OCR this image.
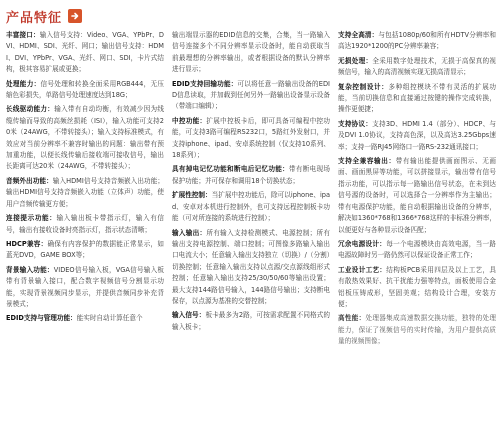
产品特征

丰富接口：输入信号支持：Video、VGA、YPbPr、DVI、HDMI、SDI、光纤、网口；输出信号支持：HDMI、DVI、YPbPr、VGA、光纤、网口、SDI，卡片式结构，极其容易扩展或更换；

处理能力：信号处理和转换全面采用RGB444，无压缩色彩损失，单路信号处理速度达到18G；

长线驱动能力：输入带有自动均衡，有效减少因为线缆传输而导致的高频丝损耗（ISI），输入功能可支持20米（24AWG，不带转接头）；输入支持标准模式，有效应对当前分辨率不兼容时输出的问题：输出带有预加重功能，以便长线传输后接收端可接收信号，输出长距离可达20米（24AWG，不带转接头）；

音频外出功能：输入HDMI信号支持音频嵌入出功能；输出HDMI信号支持音频嵌入功能（立体声）功能，使用户音频传输更方便；

连接提示功能：输入输出板卡带指示灯，输入有信号，输出有接收设备时亮指示灯，指示状态清晰；

HDCP兼容：确保有内容保护的数据能正常显示，如蓝光DVD，GAME BOX等；

背景输入功能：VIDEO信号输入板，VGA信号输入板带有背景输入接口，配合数字视频信号分割显示功能，实现背景视频同步显示，并提供音频同步补充背景模式；

EDID支持与管理功能：能实时自动计算任意个

输出端显示器的EDID信息的交集，合集，当一路输入信号连接多个不同分辨率显示设备时，能自动获取当前最理想的分辨率输出，或者根据设备的默认分辨率进行显示；

EDID支持回输功能：可以将任意一路输出设备的EDID信息读取，并加载到任何另外一路输出设备显示设备（带端口编辑）；

中控功能：扩展中控板卡后，即可具备可编程中控功能，可支持3路可编程RS232口，5路红外发射口，并支持iphone、ipad、安卓系统控制（仅支持10系列、18系列）；

具有掉电记忆功能和断电后记忆功能：带有断电现场保护功能；并可保存和调用18个切换状态；

扩展性控制：当扩展中控功能后，除可以iphone、ipad、安卓对本机进行控制外，也可支持远程控制板卡功能（可对所连接的系统进行控制）；

输入输出：所有输入支持检测模式、电源控制；所有输出支持电源控制、端口控制；可图像多路输入输出口电流大小；任意输入输出支持独立（切换）/（分割）切换控制；任意输入输出支持以点源/交点源线组形式控制；任意输入输出支持25/30/50/60等输出设置；最大支持144路信号输入，144路信号输出；支持断电保存，以点源为基准的交替控制；

输入信号：板卡最多为2路，可按需求配置不同格式的输入板卡；

支持全高清：与包括1080p/60和所有HDTV分辨率和高达1920*1200的PC分辨率兼容；

无损处理：全采用数字处理技术，无损于高保真的视频信号，输入的高清视频实现无损高清显示；

复杂控制设计：多种组控模块不带有灵活的扩展功能，当前切换信息和直接通过按键的操作完成转换，操作更便捷；

支持协议：支持3D、HDMI 1.4（部分）、HDCP、与及DVI 1.0协议，支持高色深，以及高达3.25Gbps速率；支持一路RJ45网络口一路RS-232通讯接口；

支持全兼容输出：带有输出能提供画面图示、无画面、画面黑屏等功能，可以拼接显示，输出带有信号指示功能，可以指示每一路输出信号状态，在未到达信号源的设备时，可以选择合一分辨率作为主输出；带有电源保护功能，能自动根据输出设备的分辨率，解决如1360*768和1366*768这样的非标准分辨率，以便更好与各种显示设备匹配；

冗余电源设计：每一个电源模块由高效电源，当一路电源故障时另一路仍然可以保证设备正常工作；

工业设计工艺：结构板PCB采用四层及以上工艺，具有散热效果好、抗干扰能力强等特点，面板使用合金铝板压铸成形，坚固美观；结构设计合理，安装方便；

高性能：处理器集成高速数据交换功能，独特的处理能力，保证了视频信号的实时传输，为用户提供高质量的视频图像；
